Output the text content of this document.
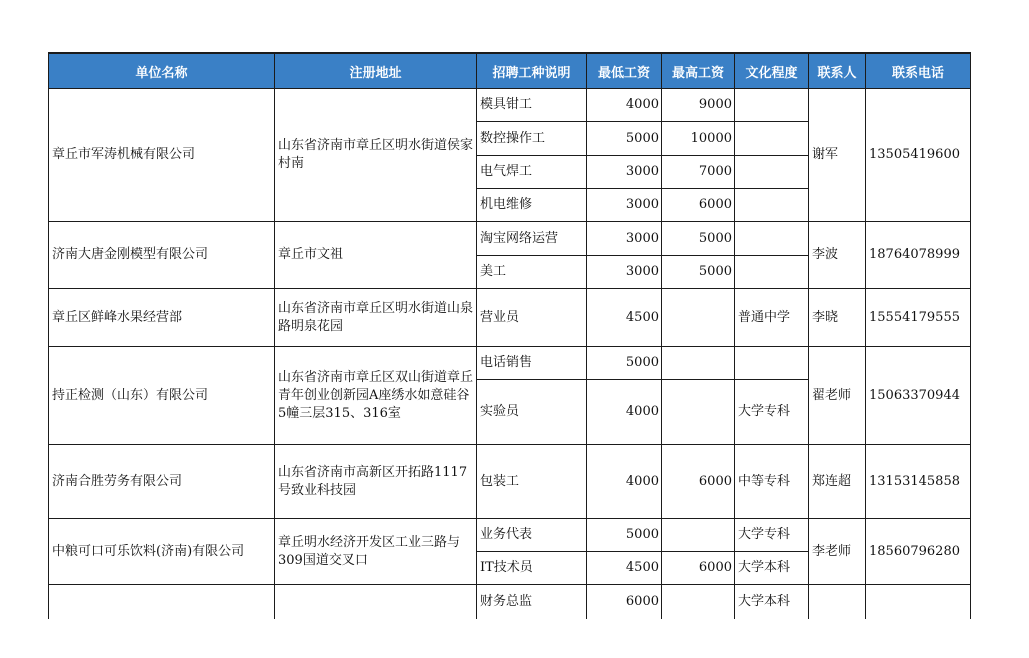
单位名称	注册地址	招聘工种说明	最低工资	最高工资	文化程度	联系人	联系电话
章丘市军涛机械有限公司	山东省济南市章丘区明水街道侯家村南	模具钳工	4000	9000		谢军	13505419600
		数控操作工	5000	10000			
		电气焊工	3000	7000			
		机电维修	3000	6000			
济南大唐金刚模型有限公司	章丘市文祖	淘宝网络运营	3000	5000		李波	18764078999
		美工	3000	5000			
章丘区鲜峰水果经营部	山东省济南市章丘区明水街道山泉路明泉花园	营业员	4500		普通中学	李晓	15554179555
持正检测（山东）有限公司	山东省济南市章丘区双山街道章丘青年创业创新园A座绣水如意硅谷5幢三层315、316室	电话销售	5000			翟老师	15063370944
		实验员	4000		大学专科		
济南合胜劳务有限公司	山东省济南市高新区开拓路1117号致业科技园	包装工	4000	6000	中等专科	郑连超	13153145858
中粮可口可乐饮料(济南)有限公司	章丘明水经济开发区工业三路与309国道交叉口	业务代表	5000		大学专科	李老师	18560796280
		IT技术员	4500	6000	大学本科		
		财务总监	6000		大学本科		
